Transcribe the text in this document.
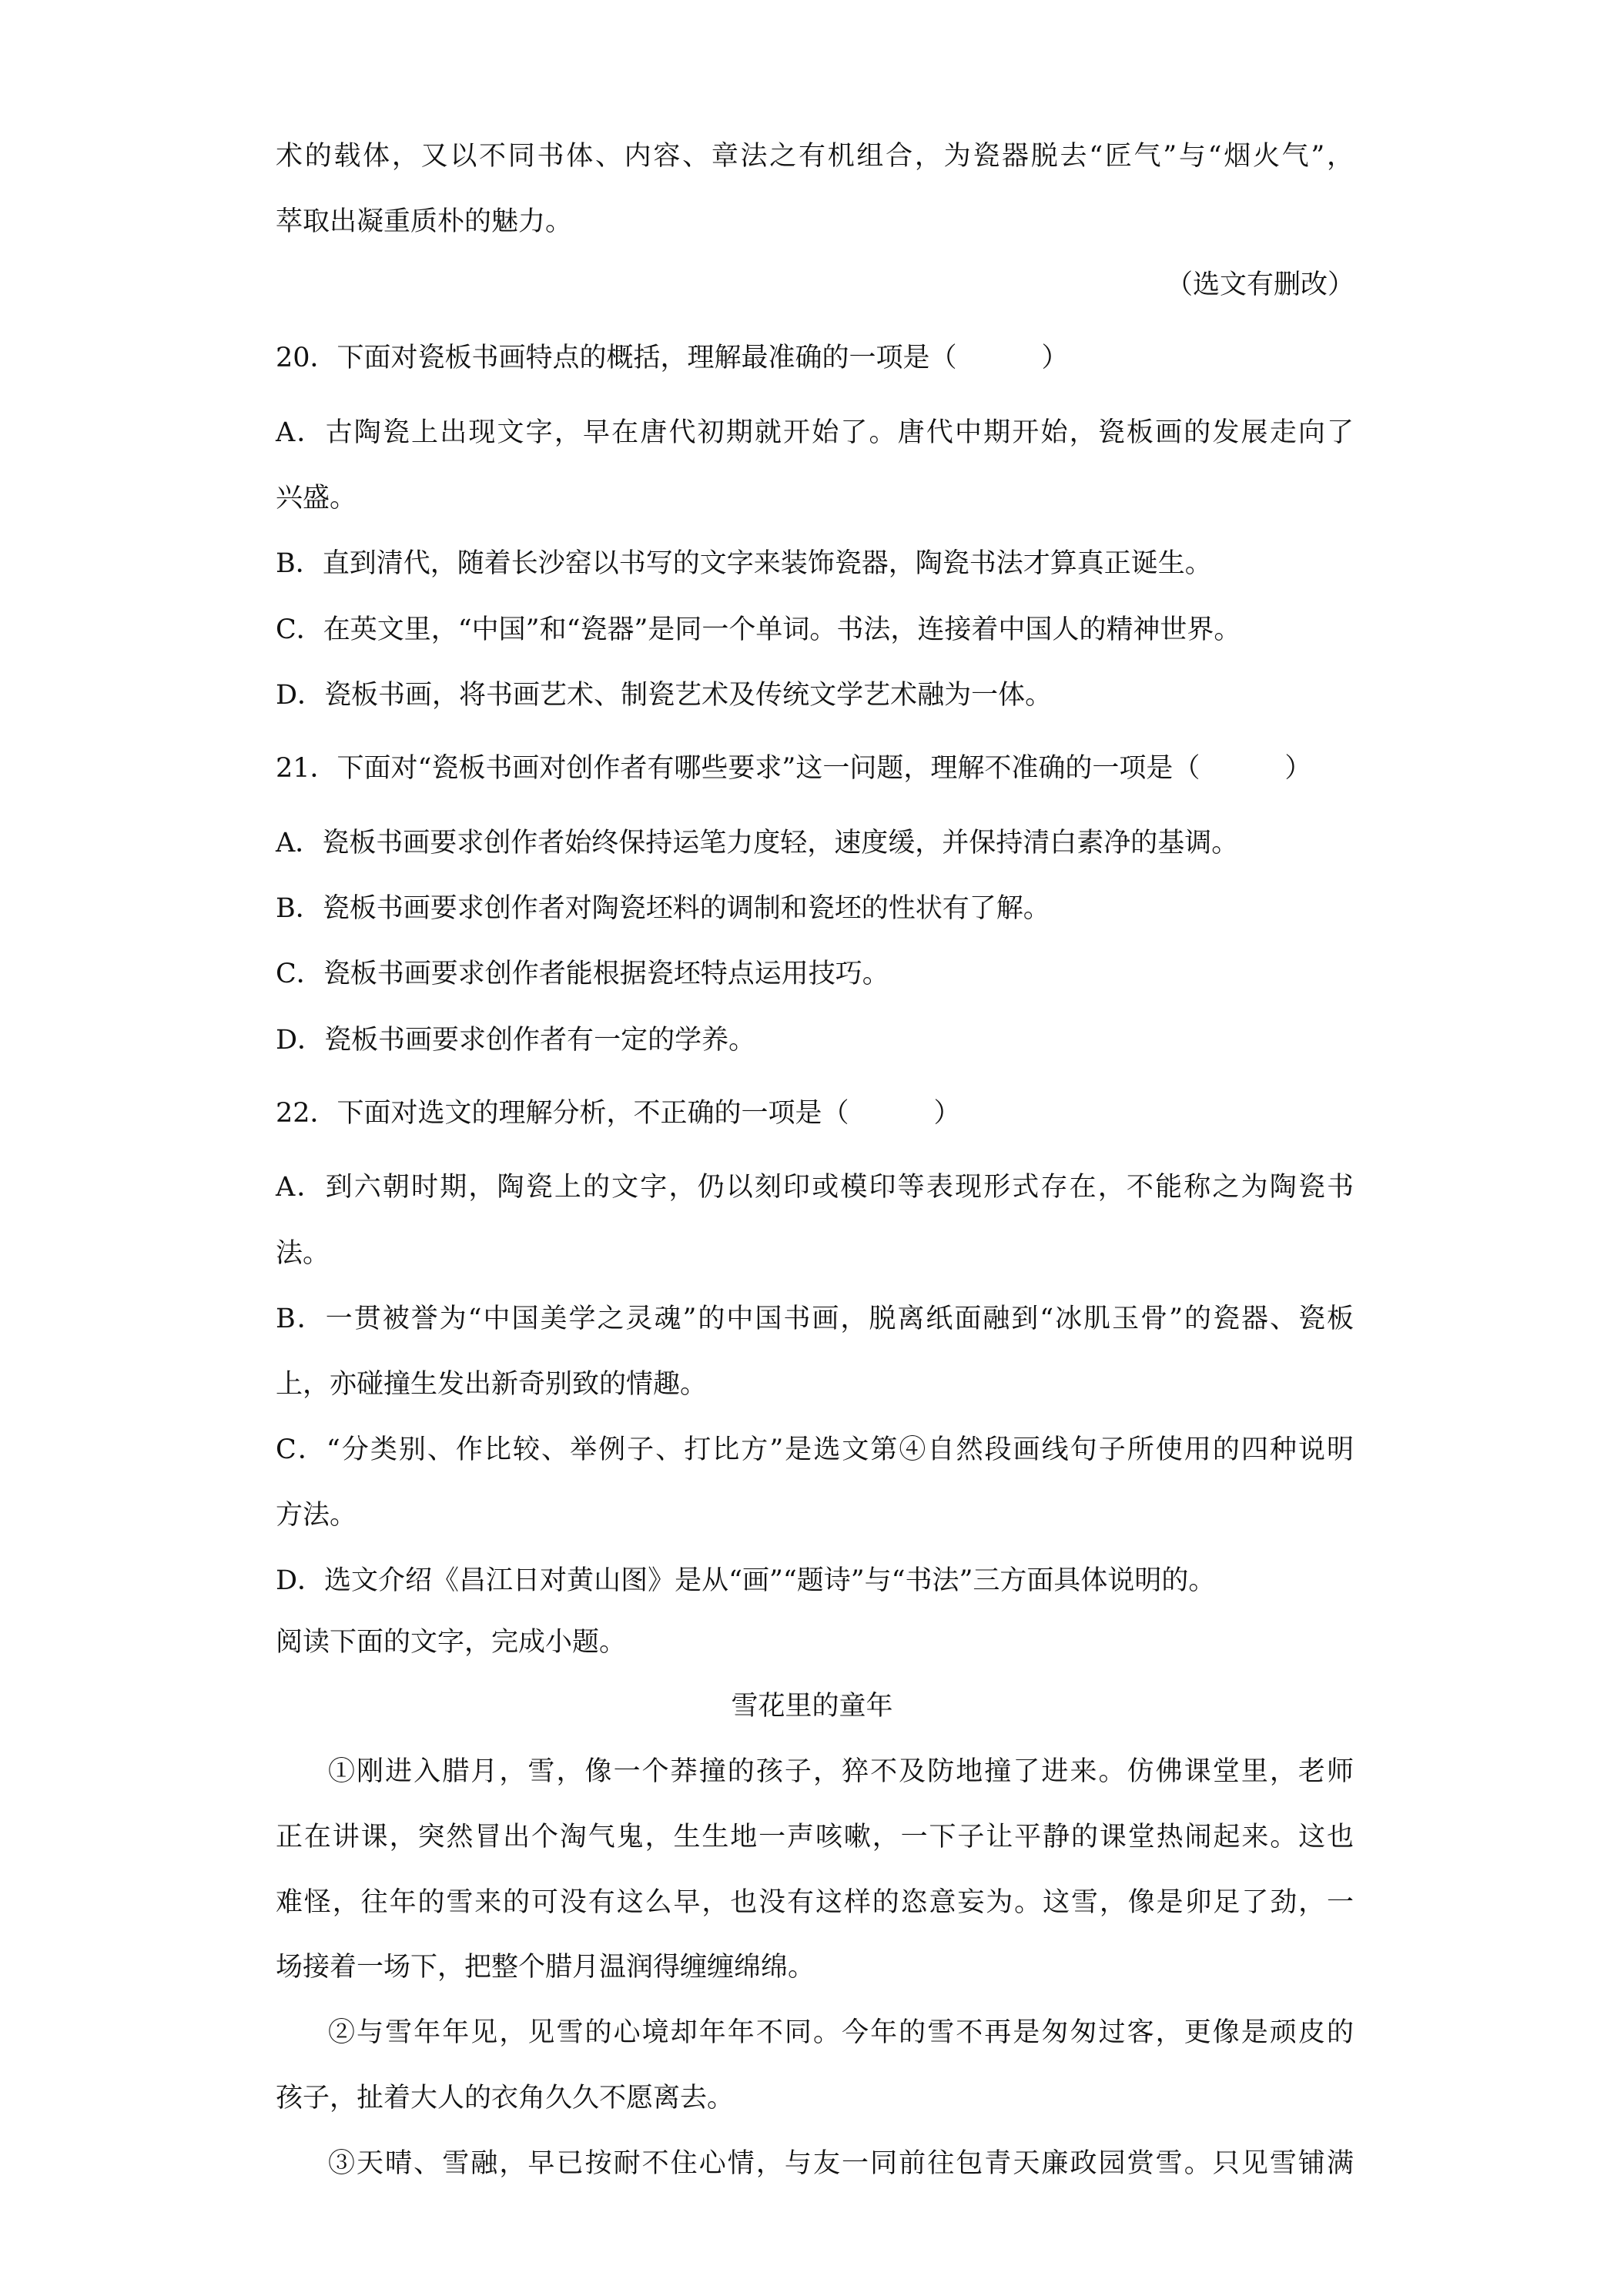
术的载体，又以不同书体、内容、章法之有机组合，为瓷器脱去“匠气”与“烟火气”，
萃取出凝重质朴的魅力。
（选文有删改）
20．下面对瓷板书画特点的概括，理解最准确的一项是（	）
A．古陶瓷上出现文字，早在唐代初期就开始了。唐代中期开始，瓷板画的发展走向了
兴盛。
B．直到清代，随着长沙窑以书写的文字来装饰瓷器，陶瓷书法才算真正诞生。
C．在英文里，“中国”和“瓷器”是同一个单词。书法，连接着中国人的精神世界。
D．瓷板书画，将书画艺术、制瓷艺术及传统文学艺术融为一体。
21．下面对“瓷板书画对创作者有哪些要求”这一问题，理解不准确的一项是（	）
A．瓷板书画要求创作者始终保持运笔力度轻，速度缓，并保持清白素净的基调。
B．瓷板书画要求创作者对陶瓷坯料的调制和瓷坯的性状有了解。
C．瓷板书画要求创作者能根据瓷坯特点运用技巧。
D．瓷板书画要求创作者有一定的学养。
22．下面对选文的理解分析，不正确的一项是（	）
A．到六朝时期，陶瓷上的文字，仍以刻印或模印等表现形式存在，不能称之为陶瓷书
法。
B．一贯被誉为“中国美学之灵魂”的中国书画，脱离纸面融到“冰肌玉骨”的瓷器、瓷板
上，亦碰撞生发出新奇别致的情趣。
C．“分类别、作比较、举例子、打比方”是选文第④自然段画线句子所使用的四种说明
方法。
D．选文介绍《昌江日对黄山图》是从“画”“题诗”与“书法”三方面具体说明的。
阅读下面的文字，完成小题。
雪花里的童年
①刚进入腊月，雪，像一个莽撞的孩子，猝不及防地撞了进来。仿佛课堂里，老师
正在讲课，突然冒出个淘气鬼，生生地一声咳嗽，一下子让平静的课堂热闹起来。这也
难怪，往年的雪来的可没有这么早，也没有这样的恣意妄为。这雪，像是卯足了劲，一
场接着一场下，把整个腊月温润得缠缠绵绵。
②与雪年年见，见雪的心境却年年不同。今年的雪不再是匆匆过客，更像是顽皮的
孩子，扯着大人的衣角久久不愿离去。
③天晴、雪融，早已按耐不住心情，与友一同前往包青天廉政园赏雪。只见雪铺满
